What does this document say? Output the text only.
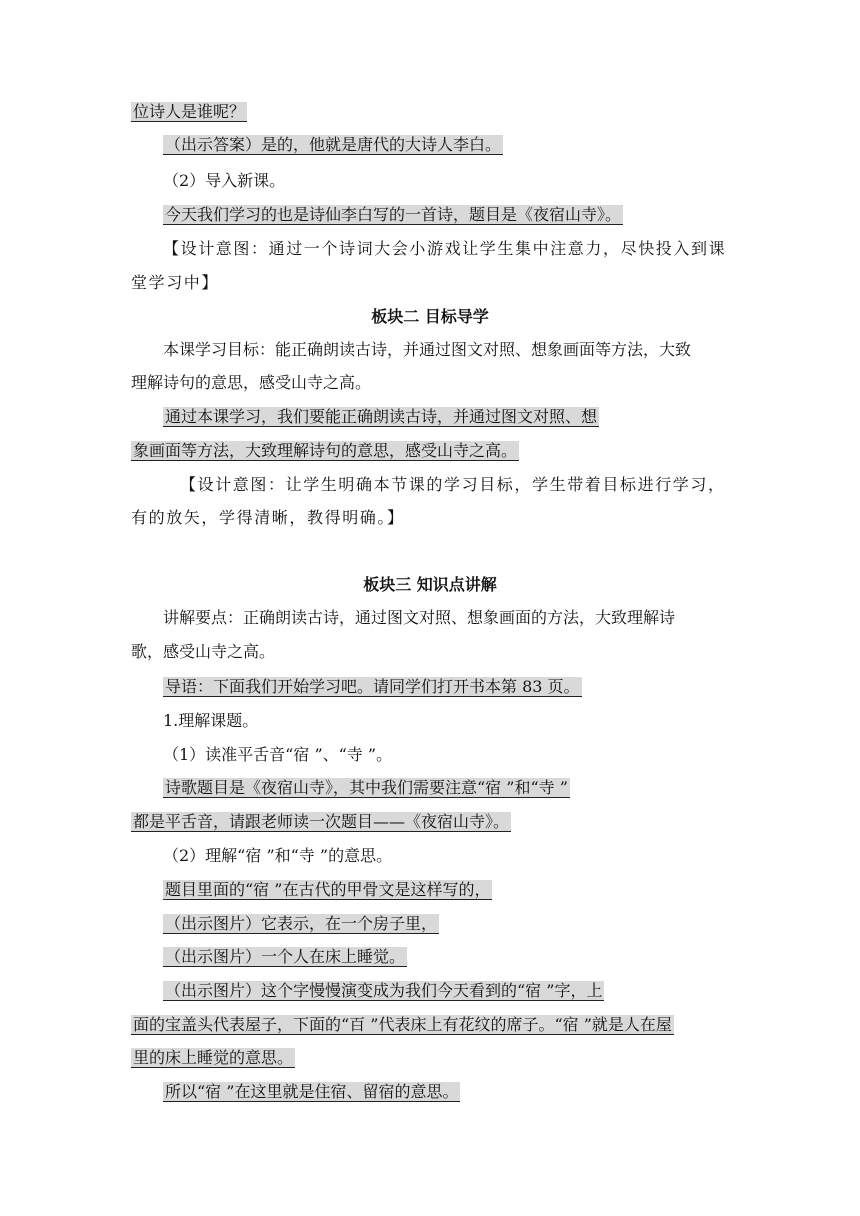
位诗人是谁呢？
（出示答案）是的，他就是唐代的大诗人李白。
（2）导入新课。
今天我们学习的也是诗仙李白写的一首诗，题目是《夜宿山寺》。
【设计意图：通过一个诗词大会小游戏让学生集中注意力，尽快投入到课
堂学习中】
板块二 目标导学
本课学习目标：能正确朗读古诗，并通过图文对照、想象画面等方法，大致
理解诗句的意思，感受山寺之高。
通过本课学习，我们要能正确朗读古诗，并通过图文对照、想
象画面等方法，大致理解诗句的意思，感受山寺之高。
【设计意图：让学生明确本节课的学习目标，学生带着目标进行学习，
有的放矢，学得清晰，教得明确。】
板块三 知识点讲解
讲解要点：正确朗读古诗，通过图文对照、想象画面的方法，大致理解诗
歌，感受山寺之高。
导语：下面我们开始学习吧。请同学们打开书本第 83 页。
1.理解课题。
（1）读准平舌音“宿 ”、“寺 ”。
诗歌题目是《夜宿山寺》，其中我们需要注意“宿 ”和“寺 ”
都是平舌音，请跟老师读一次题目——《夜宿山寺》。
（2）理解“宿 ”和“寺 ”的意思。
题目里面的“宿 ”在古代的甲骨文是这样写的，
（出示图片）它表示，在一个房子里，
（出示图片）一个人在床上睡觉。
（出示图片）这个字慢慢演变成为我们今天看到的“宿 ”字，上
面的宝盖头代表屋子，下面的“百 ”代表床上有花纹的席子。“宿 ”就是人在屋
里的床上睡觉的意思。
所以“宿 ”在这里就是住宿、留宿的意思。
